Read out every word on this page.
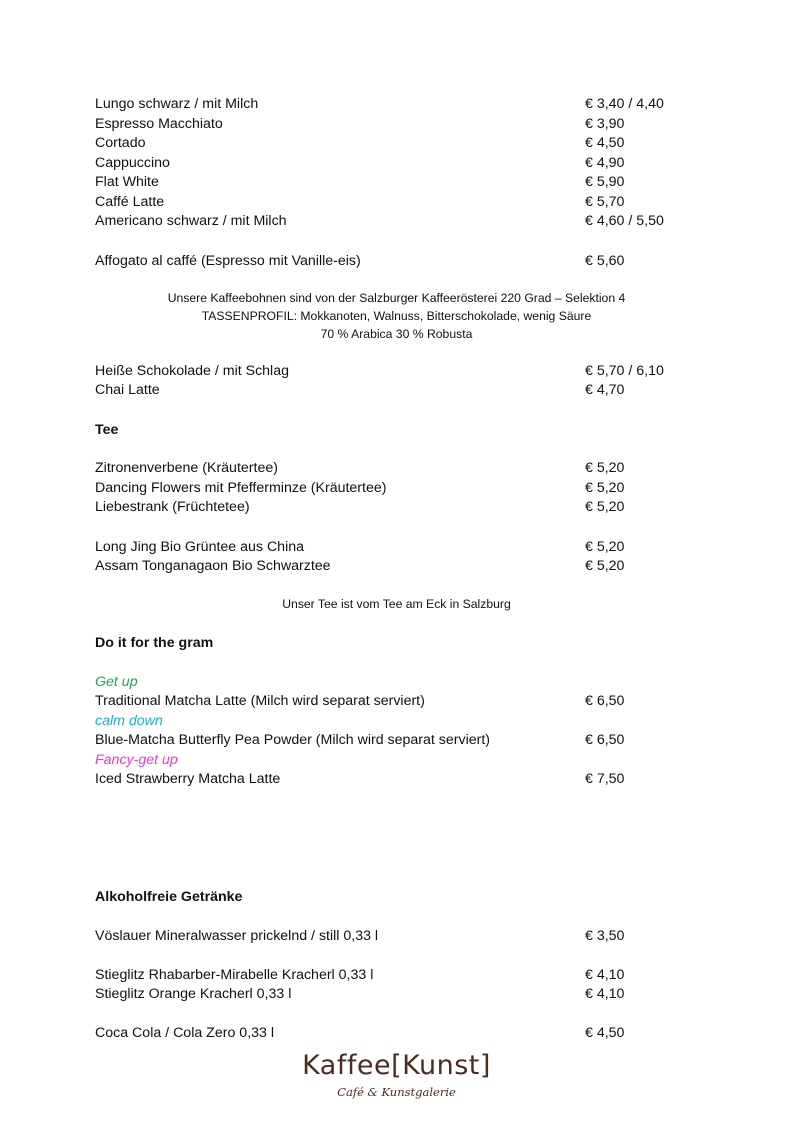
Lungo schwarz / mit Milch	€ 3,40 / 4,40
Espresso Macchiato	€ 3,90
Cortado	€ 4,50
Cappuccino	€ 4,90
Flat White	€ 5,90
Caffé Latte	€ 5,70
Americano schwarz / mit Milch	€ 4,60 / 5,50
Affogato al caffé (Espresso mit Vanille-eis)	€ 5,60
Unsere Kaffeebohnen sind von der Salzburger Kaffeerösterei 220 Grad – Selektion 4
TASSENPROFIL: Mokkanoten, Walnuss, Bitterschokolade, wenig Säure
70 % Arabica 30 % Robusta
Heiße Schokolade / mit Schlag	€ 5,70 / 6,10
Chai Latte	€ 4,70
Tee
Zitronenverbene (Kräutertee)	€ 5,20
Dancing Flowers mit Pfefferminze (Kräutertee)	€ 5,20
Liebestrank (Früchtetee)	€ 5,20
Long Jing Bio Grüntee aus China	€ 5,20
Assam Tonganagaon Bio Schwarztee	€ 5,20
Unser Tee ist vom Tee am Eck in Salzburg
Do it for the gram
Get up
Traditional Matcha Latte (Milch wird separat serviert)	€ 6,50
calm down
Blue-Matcha Butterfly Pea Powder (Milch wird separat serviert)	€ 6,50
Fancy-get up
Iced Strawberry Matcha Latte	€ 7,50
Alkoholfreie Getränke
Vöslauer Mineralwasser prickelnd / still 0,33 l	€ 3,50
Stieglitz Rhabarber-Mirabelle Kracherl 0,33 l	€ 4,10
Stieglitz Orange Kracherl 0,33 l	€ 4,10
Coca Cola / Cola Zero 0,33 l	€ 4,50
Kaffee[Kunst]
Café & Kunstgalerie
